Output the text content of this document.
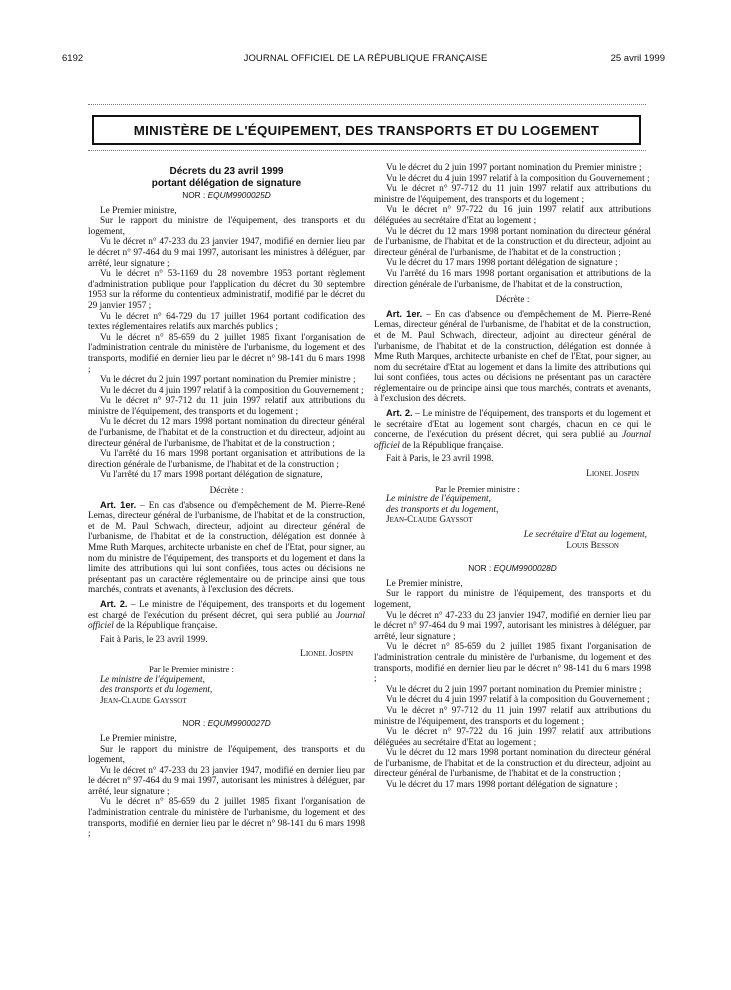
6192	JOURNAL OFFICIEL DE LA RÉPUBLIQUE FRANÇAISE	25 avril 1999
MINISTÈRE DE L'ÉQUIPEMENT, DES TRANSPORTS ET DU LOGEMENT
Décrets du 23 avril 1999
portant délégation de signature
NOR : EQUM9900025D

Le Premier ministre,

Sur le rapport du ministre de l'équipement, des transports et du logement,

Vu le décret n° 47-233 du 23 janvier 1947, modifié en dernier lieu par le décret n° 97-464 du 9 mai 1997, autorisant les ministres à déléguer, par arrêté, leur signature ;

Vu le décret n° 53-1169 du 28 novembre 1953 portant règlement d'administration publique pour l'application du décret du 30 septembre 1953 sur la réforme du contentieux administratif, modifié par le décret du 29 janvier 1957 ;

Vu le décret n° 64-729 du 17 juillet 1964 portant codification des textes réglementaires relatifs aux marchés publics ;

Vu le décret n° 85-659 du 2 juillet 1985 fixant l'organisation de l'administration centrale du ministère de l'urbanisme, du logement et des transports, modifié en dernier lieu par le décret n° 98-141 du 6 mars 1998 ;

Vu le décret du 2 juin 1997 portant nomination du Premier ministre ;

Vu le décret du 4 juin 1997 relatif à la composition du Gouvernement ;

Vu le décret n° 97-712 du 11 juin 1997 relatif aux attributions du ministre de l'équipement, des transports et du logement ;

Vu le décret du 12 mars 1998 portant nomination du directeur général de l'urbanisme, de l'habitat et de la construction et du directeur, adjoint au directeur général de l'urbanisme, de l'habitat et de la construction ;

Vu l'arrêté du 16 mars 1998 portant organisation et attributions de la direction générale de l'urbanisme, de l'habitat et de la construction ;

Vu l'arrêté du 17 mars 1998 portant délégation de signature,

Décrète :

Art. 1er. – En cas d'absence ou d'empêchement de M. Pierre-René Lemas, directeur général de l'urbanisme, de l'habitat et de la construction, et de M. Paul Schwach, directeur, adjoint au directeur général de l'urbanisme, de l'habitat et de la construction, délégation est donnée à Mme Ruth Marques, architecte urbaniste en chef de l'Etat, pour signer, au nom du ministre de l'équipement, des transports et du logement et dans la limite des attributions qui lui sont confiées, tous actes ou décisions ne présentant pas un caractère réglementaire ou de principe ainsi que tous marchés, contrats et avenants, à l'exclusion des décrets.

Art. 2. – Le ministre de l'équipement, des transports et du logement est chargé de l'exécution du présent décret, qui sera publié au Journal officiel de la République française.

Fait à Paris, le 23 avril 1999.

Lionel Jospin

Par le Premier ministre :

Le ministre de l'équipement,

des transports et du logement,

Jean-Claude Gayssot

NOR : EQUM9900027D

Le Premier ministre,

Sur le rapport du ministre de l'équipement, des transports et du logement,

Vu le décret n° 47-233 du 23 janvier 1947, modifié en dernier lieu par le décret n° 97-464 du 9 mai 1997, autorisant les ministres à déléguer, par arrêté, leur signature ;

Vu le décret n° 85-659 du 2 juillet 1985 fixant l'organisation de l'administration centrale du ministère de l'urbanisme, du logement et des transports, modifié en dernier lieu par le décret n° 98-141 du 6 mars 1998 ;

Vu le décret du 2 juin 1997 portant nomination du Premier ministre ;

Vu le décret du 4 juin 1997 relatif à la composition du Gouvernement ;

Vu le décret n° 97-712 du 11 juin 1997 relatif aux attributions du ministre de l'équipement, des transports et du logement ;

Vu le décret n° 97-722 du 16 juin 1997 relatif aux attributions déléguées au secrétaire d'Etat au logement ;

Vu le décret du 12 mars 1998 portant nomination du directeur général de l'urbanisme, de l'habitat et de la construction et du directeur, adjoint au directeur général de l'urbanisme, de l'habitat et de la construction ;

Vu le décret du 17 mars 1998 portant délégation de signature ;

Vu l'arrêté du 16 mars 1998 portant organisation et attributions de la direction générale de l'urbanisme, de l'habitat et de la construction,

Décrète :

Art. 1er. – En cas d'absence ou d'empêchement de M. Pierre-René Lemas, directeur général de l'urbanisme, de l'habitat et de la construction, et de M. Paul Schwach, directeur, adjoint au directeur général de l'urbanisme, de l'habitat et de la construction, délégation est donnée à Mme Ruth Marques, architecte urbaniste en chef de l'Etat, pour signer, au nom du secrétaire d'Etat au logement et dans la limite des attributions qui lui sont confiées, tous actes ou décisions ne présentant pas un caractère réglementaire ou de principe ainsi que tous marchés, contrats et avenants, à l'exclusion des décrets.

Art. 2. – Le ministre de l'équipement, des transports et du logement et le secrétaire d'Etat au logement sont chargés, chacun en ce qui le concerne, de l'exécution du présent décret, qui sera publié au Journal officiel de la République française.

Fait à Paris, le 23 avril 1998.

Lionel Jospin

Par le Premier ministre :

Le ministre de l'équipement,

des transports et du logement,

Jean-Claude Gayssot

Le secrétaire d'Etat au logement,

Louis Besson

NOR : EQUM9900028D

Le Premier ministre,

Sur le rapport du ministre de l'équipement, des transports et du logement,

Vu le décret n° 47-233 du 23 janvier 1947, modifié en dernier lieu par le décret n° 97-464 du 9 mai 1997, autorisant les ministres à déléguer, par arrêté, leur signature ;

Vu le décret n° 85-659 du 2 juillet 1985 fixant l'organisation de l'administration centrale du ministère de l'urbanisme, du logement et des transports, modifié en dernier lieu par le décret n° 98-141 du 6 mars 1998 ;

Vu le décret du 2 juin 1997 portant nomination du Premier ministre ;

Vu le décret du 4 juin 1997 relatif à la composition du Gouvernement ;

Vu le décret n° 97-712 du 11 juin 1997 relatif aux attributions du ministre de l'équipement, des transports et du logement ;

Vu le décret n° 97-722 du 16 juin 1997 relatif aux attributions déléguées au secrétaire d'Etat au logement ;

Vu le décret du 12 mars 1998 portant nomination du directeur général de l'urbanisme, de l'habitat et de la construction et du directeur, adjoint au directeur général de l'urbanisme, de l'habitat et de la construction ;

Vu le décret du 17 mars 1998 portant délégation de signature ;
